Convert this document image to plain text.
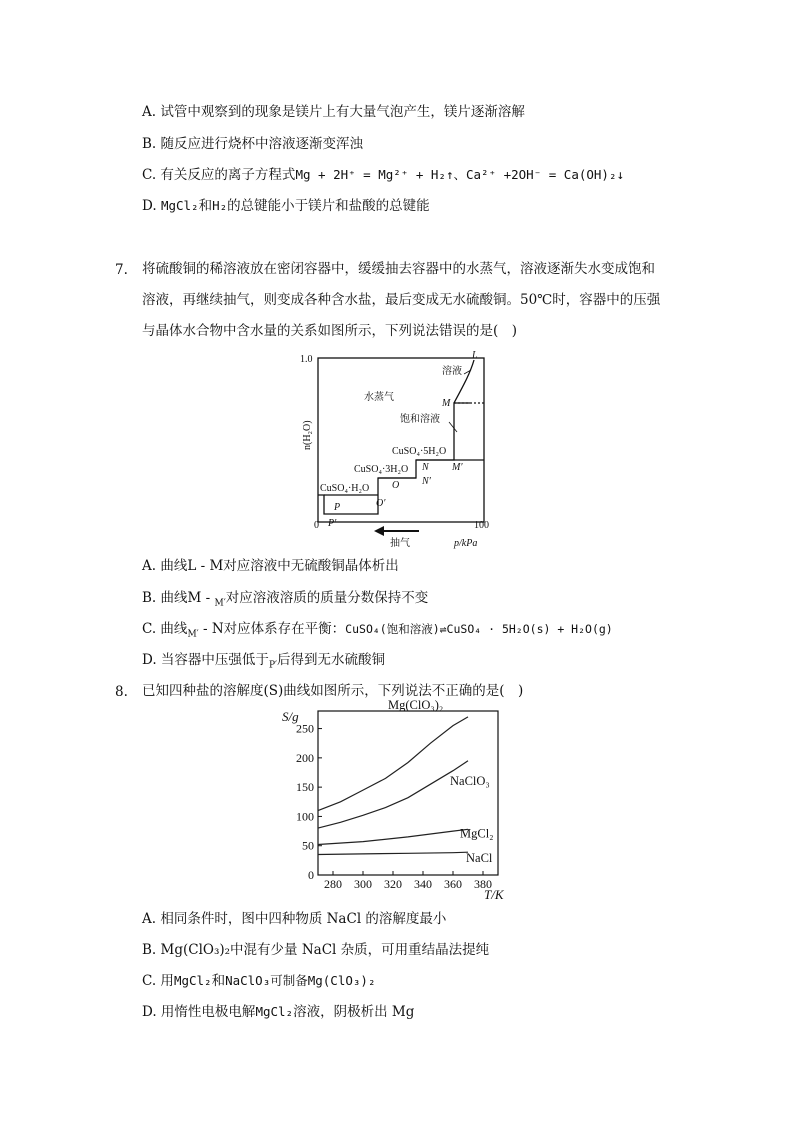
A. 试管中观察到的现象是镁片上有大量气泡产生，镁片逐渐溶解
B. 随反应进行烧杯中溶液逐渐变浑浊
C. 有关反应的离子方程式Mg + 2H⁺ = Mg²⁺ + H₂↑、Ca²⁺ +2OH⁻ = Ca(OH)₂↓
D. MgCl₂和H₂的总键能小于镁片和盐酸的总键能
7. 将硫酸铜的稀溶液放在密闭容器中，缓缓抽去容器中的水蒸气，溶液逐渐失水变成饱和
溶液，再继续抽气，则变成各种含水盐，最后变成无水硫酸铜。50℃时，容器中的压强
与晶体水合物中含水量的关系如图所示，下列说法错误的是(　)
1.0
n(H₂O)
0	100
p/kPa
抽气
水蒸气
溶液
饱和溶液
L
M
M′
N
N′
O
O′
P
P′
CuSO₄·5H₂O
CuSO₄·3H₂O
CuSO₄·H₂O
A. 曲线L - M对应溶液中无硫酸铜晶体析出
B. 曲线M - $_{M'}$对应溶液溶质的质量分数保持不变
C. 曲线$_{M'}$ - N对应体系存在平衡：CuSO₄(饱和溶液)⇌CuSO₄ · 5H₂O(s) + H₂O(g)
D. 当容器中压强低于$_{P'}$后得到无水硫酸铜
8. 已知四种盐的溶解度(S)曲线如图所示，下列说法不正确的是(　)
0
50
100
150
200
250
280 300 320 340 360 380
S/g
T/K
Mg(ClO₃)₂
NaClO₃
MgCl₂
NaCl
A. 相同条件时，图中四种物质 NaCl 的溶解度最小
B. Mg(ClO₃)₂中混有少量 NaCl 杂质，可用重结晶法提纯
C. 用MgCl₂和NaClO₃可制备Mg(ClO₃)₂
D. 用惰性电极电解MgCl₂溶液，阴极析出 Mg
